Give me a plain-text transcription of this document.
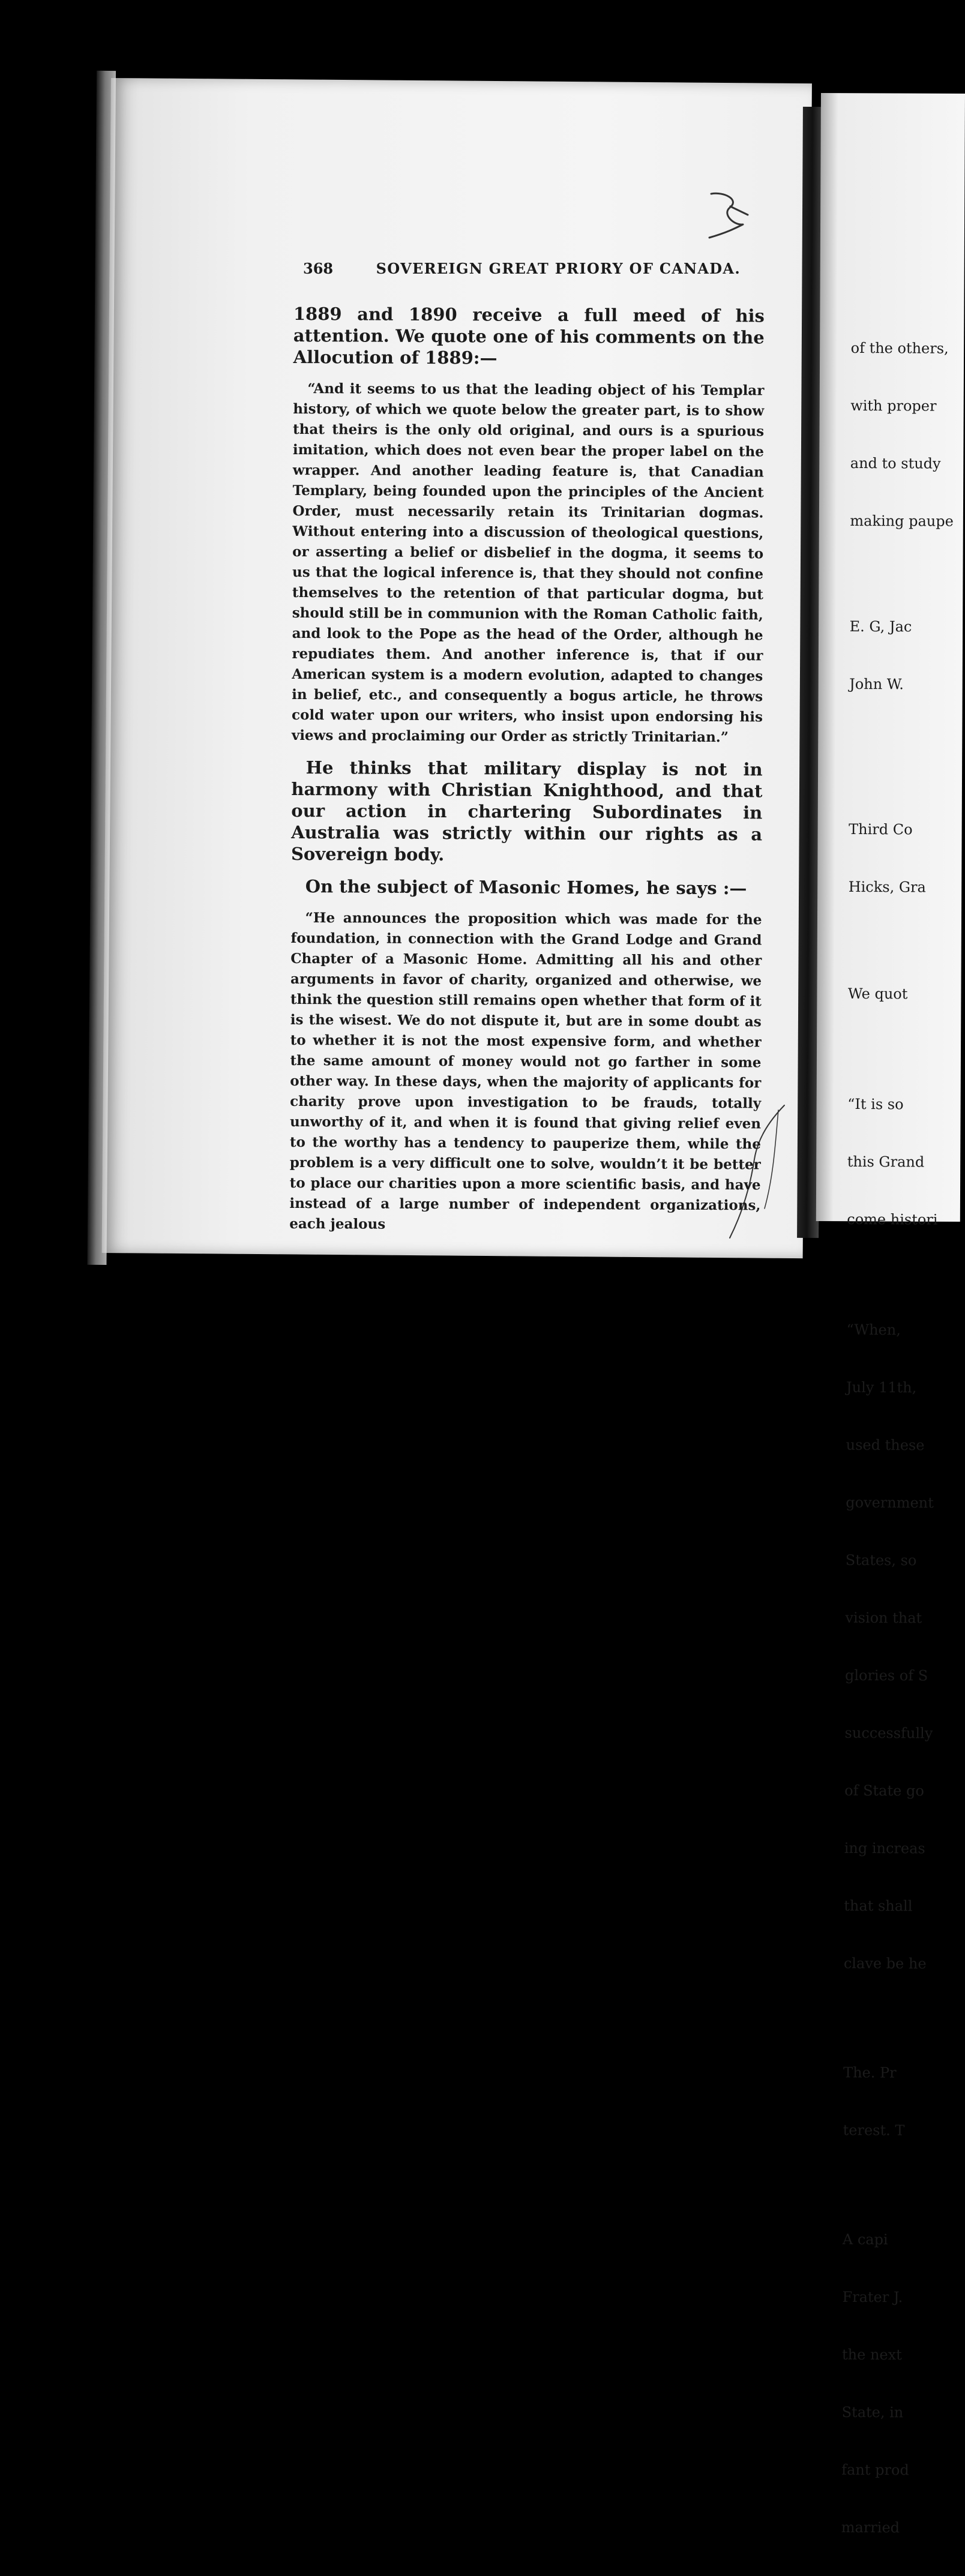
368	SOVEREIGN GREAT PRIORY OF CANADA.

1889 and 1890 receive a full meed of his attention. We quote one of his comments on the Allocution of 1889:—

“And it seems to us that the leading object of his Templar history, of which we quote below the greater part, is to show that theirs is the only old original, and ours is a spurious imitation, which does not even bear the proper label on the wrapper. And another leading feature is, that Canadian Templary, being founded upon the principles of the Ancient Order, must necessarily retain its Trinitarian dogmas. Without entering into a discussion of theological questions, or asserting a belief or disbelief in the dogma, it seems to us that the logical inference is, that they should not confine themselves to the retention of that particular dogma, but should still be in communion with the Roman Catholic faith, and look to the Pope as the head of the Order, although he repudiates them. And another inference is, that if our American system is a modern evolution, adapted to changes in belief, etc., and consequently a bogus article, he throws cold water upon our writers, who insist upon endorsing his views and proclaiming our Order as strictly Trinitarian.”

He thinks that military display is not in harmony with Christian Knighthood, and that our action in chartering Subordinates in Australia was strictly within our rights as a Sovereign body.

On the subject of Masonic Homes, he says :—

“He announces the proposition which was made for the foundation, in connection with the Grand Lodge and Grand Chapter of a Masonic Home. Admitting all his and other arguments in favor of charity, organized and otherwise, we think the question still remains open whether that form of it is the wisest. We do not dispute it, but are in some doubt as to whether it is not the most expensive form, and whether the same amount of money would not go farther in some other way. In these days, when the majority of applicants for charity prove upon investigation to be frauds, totally unworthy of it, and when it is found that giving relief even to the worthy has a tendency to pauperize them, while the problem is a very difficult one to solve, wouldn’t it be better to place our charities upon a more scientific basis, and have instead of a large number of independent organizations, each jealous

of the others,

with proper

and to study

making paupe

E. G, Jac

John W.

Third Co

Hicks, Gra

We quot

“It is so

this Grand

come histori

“When,

July 11th,

used these

government

States, so

vision that

glories of S

successfully

of State go

ing increas

that shall

clave be he

The. Pr

terest. T

A capi

Frater J.

the next

State, in

fant prod

married
